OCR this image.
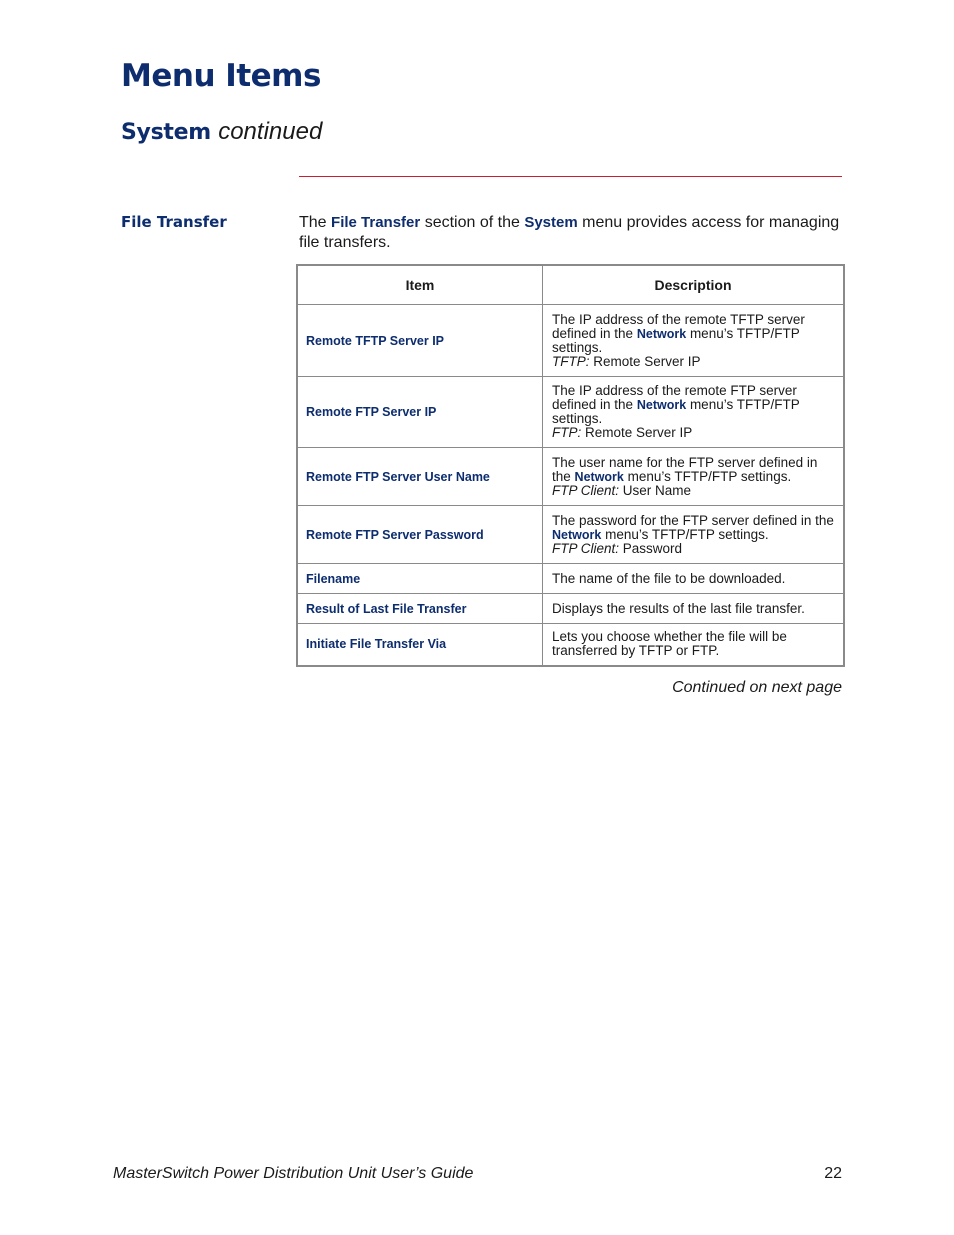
Menu Items
System continued
File Transfer	The File Transfer section of the System menu provides access for managing file transfers.

Item	Description
Remote TFTP Server IP	The IP address of the remote TFTP server defined in the Network menu’s TFTP/FTP settings.
TFTP: Remote Server IP
Remote FTP Server IP	The IP address of the remote FTP server defined in the Network menu’s TFTP/FTP settings.
FTP: Remote Server IP
Remote FTP Server User Name	The user name for the FTP server defined in the Network menu’s TFTP/FTP settings.
FTP Client: User Name
Remote FTP Server Password	The password for the FTP server defined in the Network menu’s TFTP/FTP settings.
FTP Client: Password
Filename	The name of the file to be downloaded.
Result of Last File Transfer	Displays the results of the last file transfer.
Initiate File Transfer Via	Lets you choose whether the file will be transferred by TFTP or FTP.

Continued on next page

MasterSwitch Power Distribution Unit User’s Guide	22
